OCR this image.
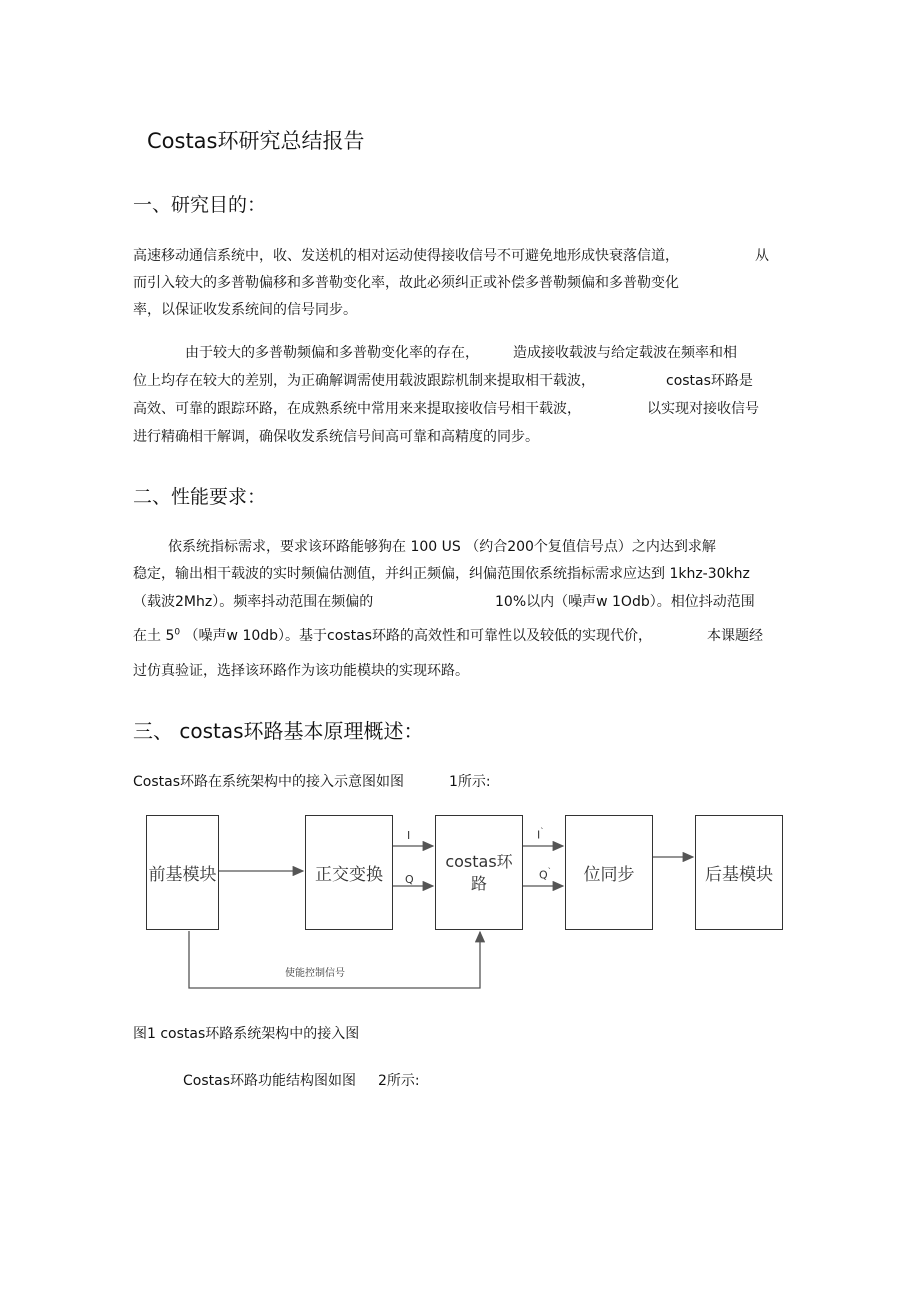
Costas环研究总结报告
一、研究目的：
高速移动通信系统中，收、发送机的相对运动使得接收信号不可避免地形成快衰落信道，	从
而引入较大的多普勒偏移和多普勒变化率，故此必须纠正或补偿多普勒频偏和多普勒变化
率，以保证收发系统间的信号同步。
由于较大的多普勒频偏和多普勒变化率的存在， 造成接收载波与给定载波在频率和相
位上均存在较大的差别，为正确解调需使用载波跟踪机制来提取相干载波，	costas环路是
高效、可靠的跟踪环路，在成熟系统中常用来来提取接收信号相干载波，	以实现对接收信号
进行精确相干解调，确保收发系统信号间高可靠和高精度的同步。
二、性能要求：
依系统指标需求，要求该环路能够狗在 100 US （约合200个复值信号点）之内达到求解
稳定，输出相干载波的实时频偏估测值，并纠正频偏，纠偏范围依系统指标需求应达到 1khz-30khz
（载波2Mhz）。频率抖动范围在频偏的	10%以内（噪声w 1Odb）。相位抖动范围
在土 $5^0$ （噪声w 10db）。基于costas环路的高效性和可靠性以及较低的实现代价，	本课题经
过仿真验证，选择该环路作为该功能模块的实现环路。
三、 costas环路基本原理概述：
Costas环路在系统架构中的接入示意图如图	1所示:
前基模块	正交变换
costas环
路	位同步	后基模块
I
Q
I`
Q`
使能控制信号
图1 costas环路系统架构中的接入图
Costas环路功能结构图如图 2所示:
